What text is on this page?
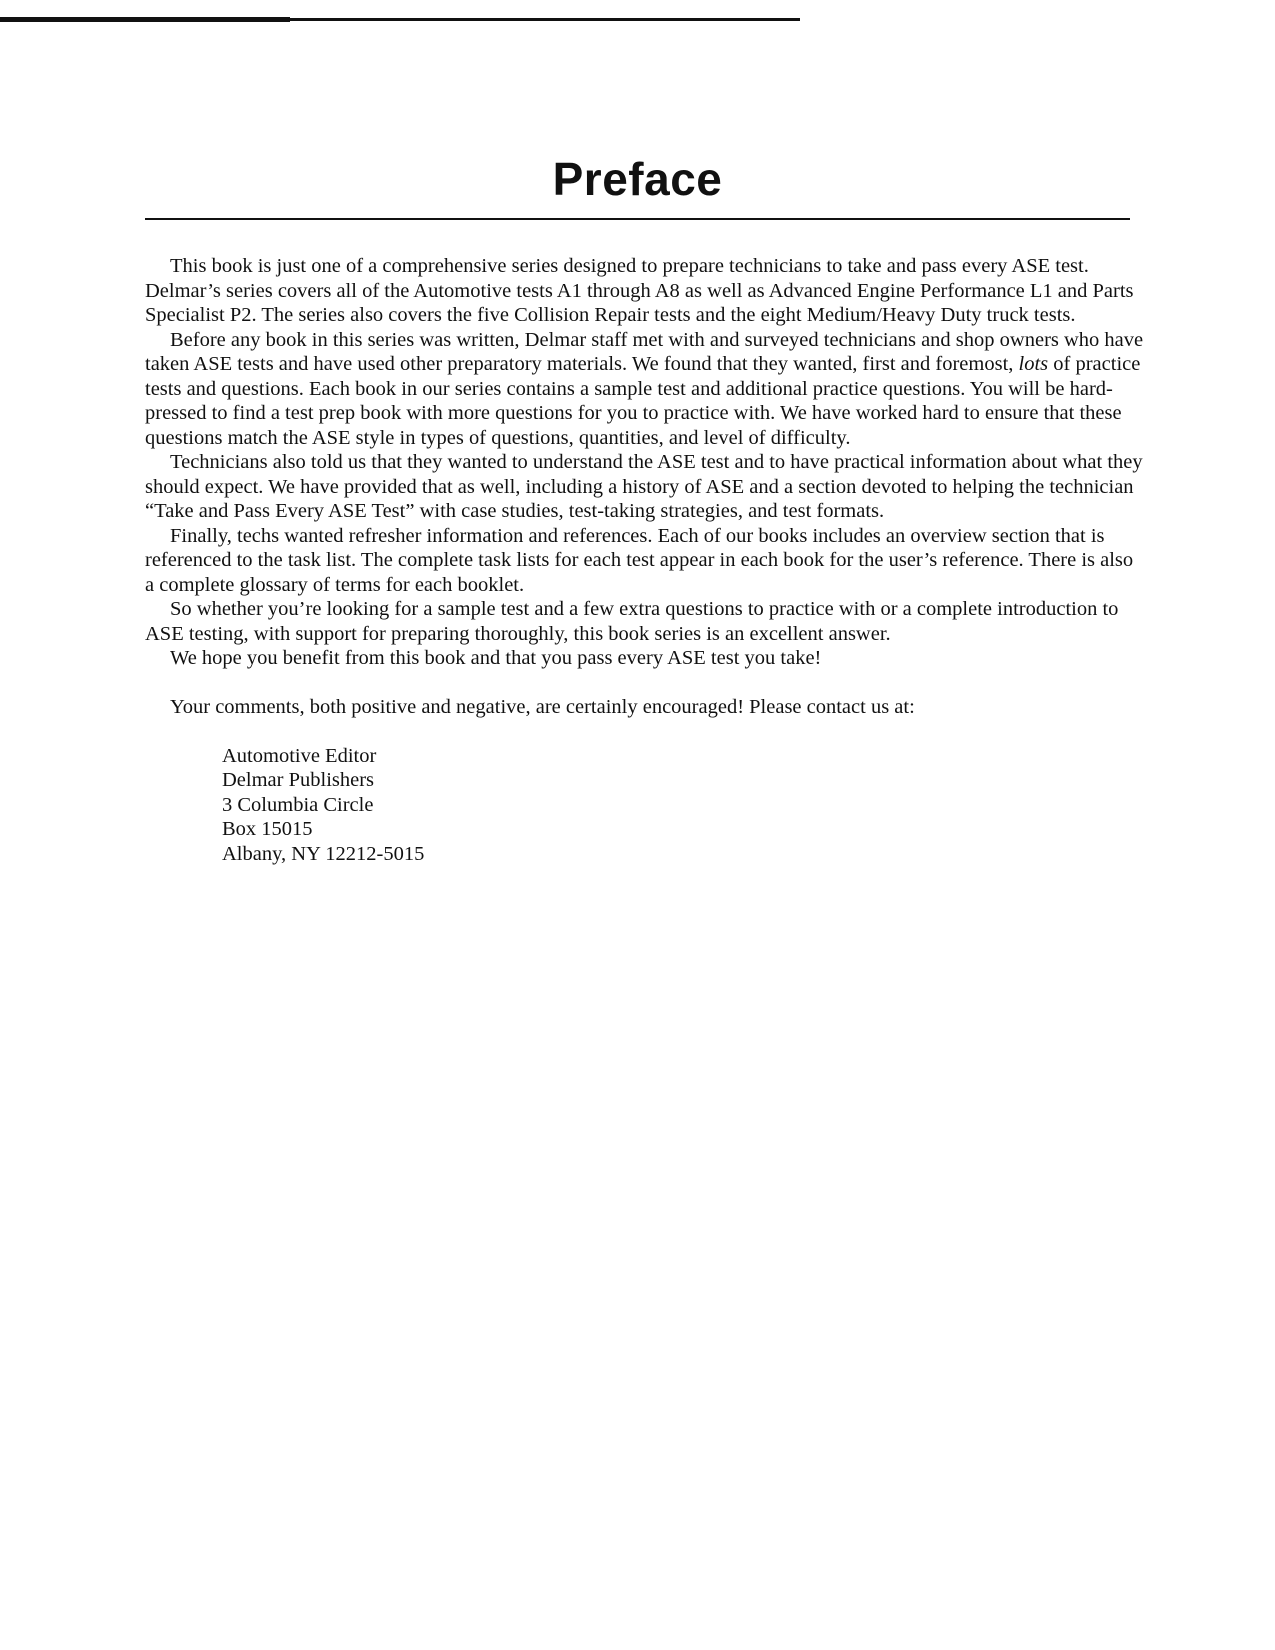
Preface

This book is just one of a comprehensive series designed to prepare technicians to take and pass every ASE test. Delmar’s series covers all of the Automotive tests A1 through A8 as well as Advanced Engine Performance L1 and Parts Specialist P2. The series also covers the five Collision Repair tests and the eight Medium/Heavy Duty truck tests.

Before any book in this series was written, Delmar staff met with and surveyed technicians and shop owners who have taken ASE tests and have used other preparatory materials. We found that they wanted, first and foremost, lots of practice tests and questions. Each book in our series contains a sample test and additional practice questions. You will be hard-pressed to find a test prep book with more questions for you to practice with. We have worked hard to ensure that these questions match the ASE style in types of questions, quantities, and level of difficulty.

Technicians also told us that they wanted to understand the ASE test and to have practical information about what they should expect. We have provided that as well, including a history of ASE and a section devoted to helping the technician “Take and Pass Every ASE Test” with case studies, test-taking strategies, and test formats.

Finally, techs wanted refresher information and references. Each of our books includes an overview section that is referenced to the task list. The complete task lists for each test appear in each book for the user’s reference. There is also a complete glossary of terms for each booklet.

So whether you’re looking for a sample test and a few extra questions to practice with or a complete introduction to ASE testing, with support for preparing thoroughly, this book series is an excellent answer.

We hope you benefit from this book and that you pass every ASE test you take!

Your comments, both positive and negative, are certainly encouraged! Please contact us at:

Automotive Editor
Delmar Publishers
3 Columbia Circle
Box 15015
Albany, NY 12212-5015
